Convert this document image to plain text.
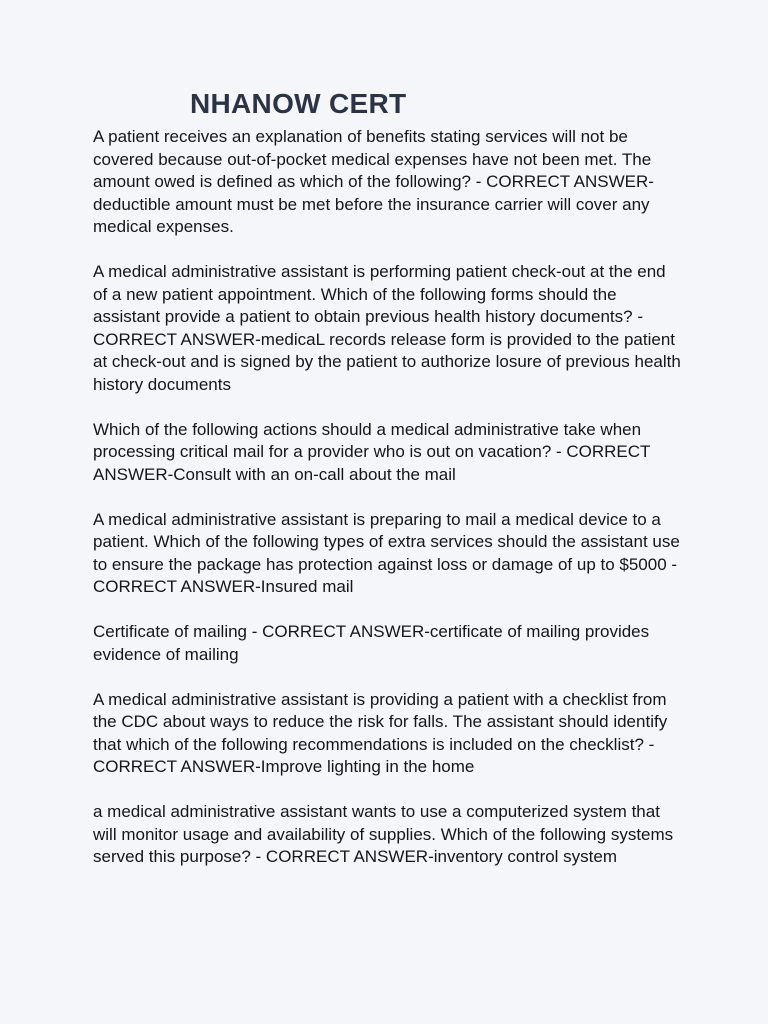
NHANOW CERT

A patient receives an explanation of benefits stating services will not be covered because out-of-pocket medical expenses have not been met. The amount owed is defined as which of the following? - CORRECT ANSWER-deductible amount must be met before the insurance carrier will cover any medical expenses.

A medical administrative assistant is performing patient check-out at the end of a new patient appointment. Which of the following forms should the assistant provide a patient to obtain previous health history documents? - CORRECT ANSWER-medicaL records release form is provided to the patient at check-out and is signed by the patient to authorize losure of previous health history documents

Which of the following actions should a medical administrative take when processing critical mail for a provider who is out on vacation? - CORRECT ANSWER-Consult with an on-call about the mail

A medical administrative assistant is preparing to mail a medical device to a patient. Which of the following types of extra services should the assistant use to ensure the package has protection against loss or damage of up to $5000 - CORRECT ANSWER-Insured mail

Certificate of mailing - CORRECT ANSWER-certificate of mailing provides evidence of mailing

A medical administrative assistant is providing a patient with a checklist from the CDC about ways to reduce the risk for falls. The assistant should identify that which of the following recommendations is included on the checklist? - CORRECT ANSWER-Improve lighting in the home

a medical administrative assistant wants to use a computerized system that will monitor usage and availability of supplies. Which of the following systems served this purpose? - CORRECT ANSWER-inventory control system
